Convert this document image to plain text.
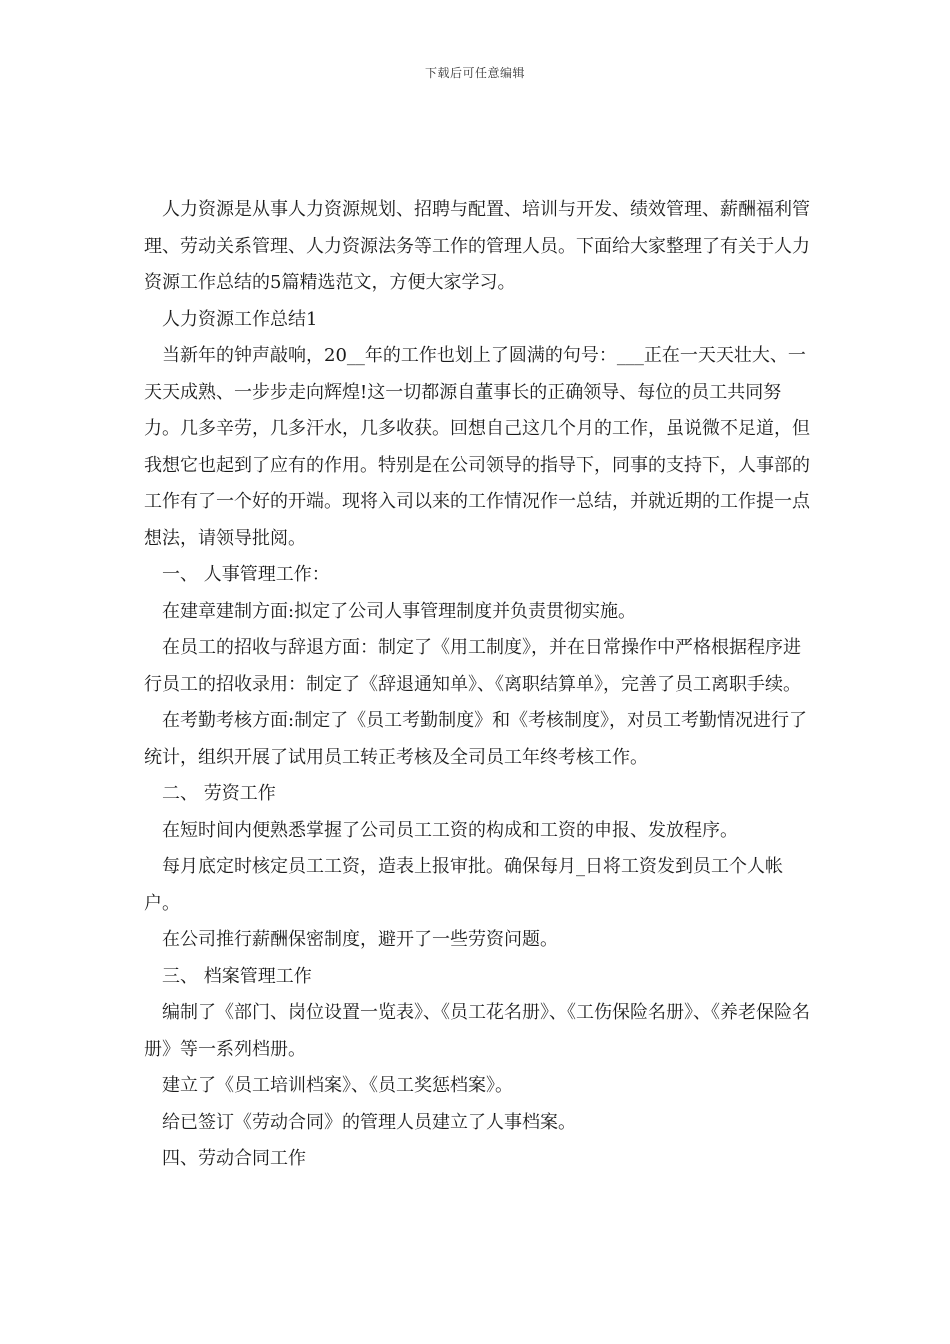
下载后可任意编辑

人力资源是从事人力资源规划、招聘与配置、培训与开发、绩效管理、薪酬福利管理、劳动关系管理、人力资源法务等工作的管理人员。下面给大家整理了有关于人力资源工作总结的5篇精选范文，方便大家学习。

人力资源工作总结1

当新年的钟声敲响，20__年的工作也划上了圆满的句号：___正在一天天壮大、一天天成熟、一步步走向辉煌!这一切都源自董事长的正确领导、每位的员工共同努力。几多辛劳，几多汗水，几多收获。回想自己这几个月的工作，虽说微不足道，但我想它也起到了应有的作用。特别是在公司领导的指导下，同事的支持下，人事部的工作有了一个好的开端。现将入司以来的工作情况作一总结，并就近期的工作提一点想法，请领导批阅。

一、 人事管理工作：

在建章建制方面:拟定了公司人事管理制度并负责贯彻实施。

在员工的招收与辞退方面：制定了《用工制度》，并在日常操作中严格根据程序进行员工的招收录用：制定了《辞退通知单》、《离职结算单》，完善了员工离职手续。

在考勤考核方面:制定了《员工考勤制度》和《考核制度》，对员工考勤情况进行了统计，组织开展了试用员工转正考核及全司员工年终考核工作。

二、 劳资工作

在短时间内便熟悉掌握了公司员工工资的构成和工资的申报、发放程序。

每月底定时核定员工工资，造表上报审批。确保每月_日将工资发到员工个人帐户。

在公司推行薪酬保密制度，避开了一些劳资问题。

三、 档案管理工作

编制了《部门、岗位设置一览表》、《员工花名册》、《工伤保险名册》、《养老保险名册》等一系列档册。

建立了《员工培训档案》、《员工奖惩档案》。

给已签订《劳动合同》的管理人员建立了人事档案。

四、劳动合同工作
